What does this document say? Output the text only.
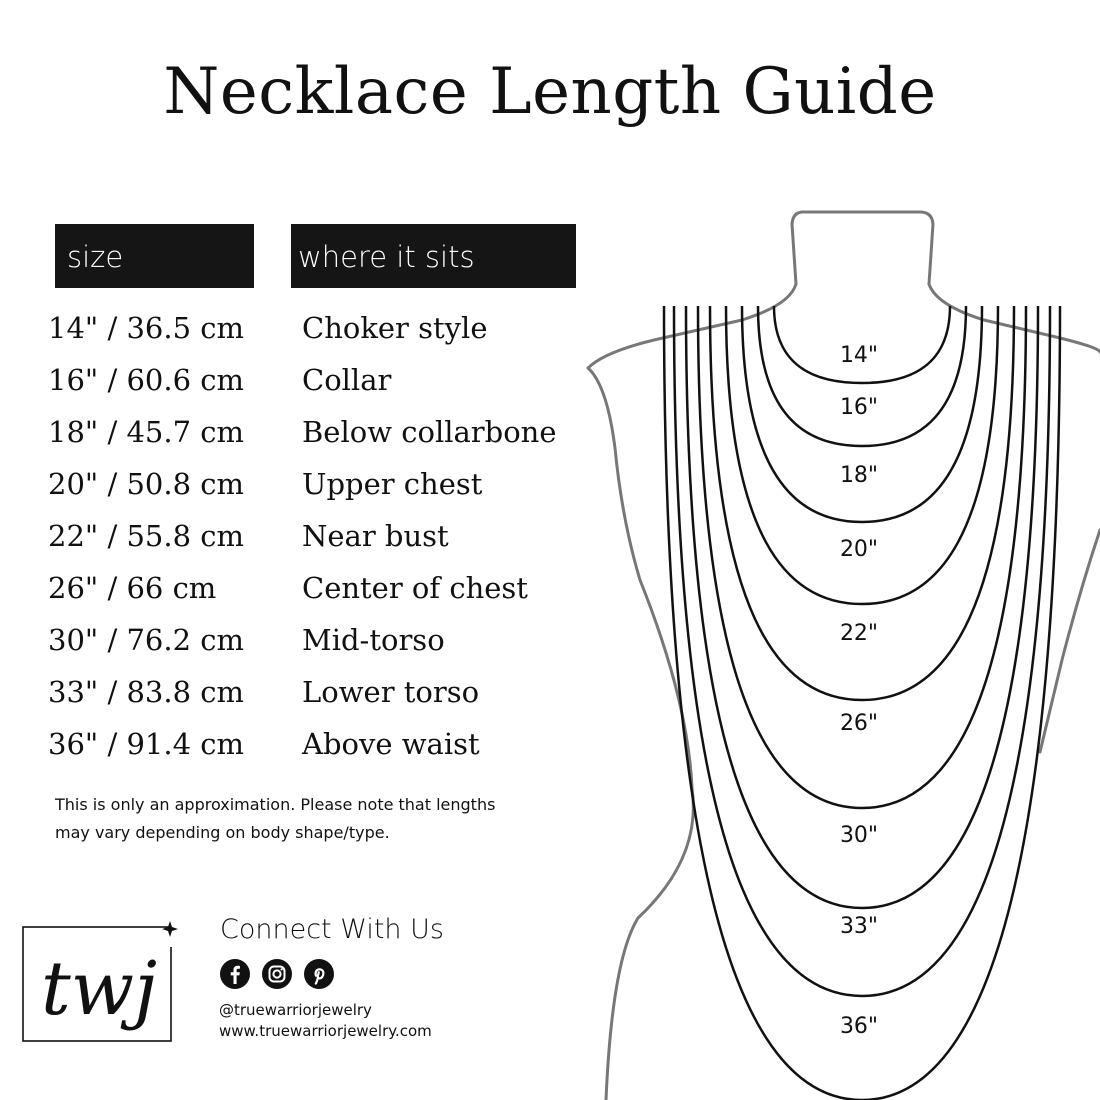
Necklace Length Guide
size	where it sits
14" / 36.5 cm Choker style
16" / 60.6 cm Collar
18" / 45.7 cm Below collarbone
20" / 50.8 cm Upper chest
22" / 55.8 cm Near bust
26" / 66 cm	Center of chest
30" / 76.2 cm Mid-torso
33" / 83.8 cm Lower torso
36" / 91.4 cm Above waist
This is only an approximation. Please note that lengths may vary depending on body shape/type.
twj
Connect With Us
@truewarriorjewelry
www.truewarriorjewelry.com
14"
16"
18"
20"
22"
26"
30"
33"
36"
